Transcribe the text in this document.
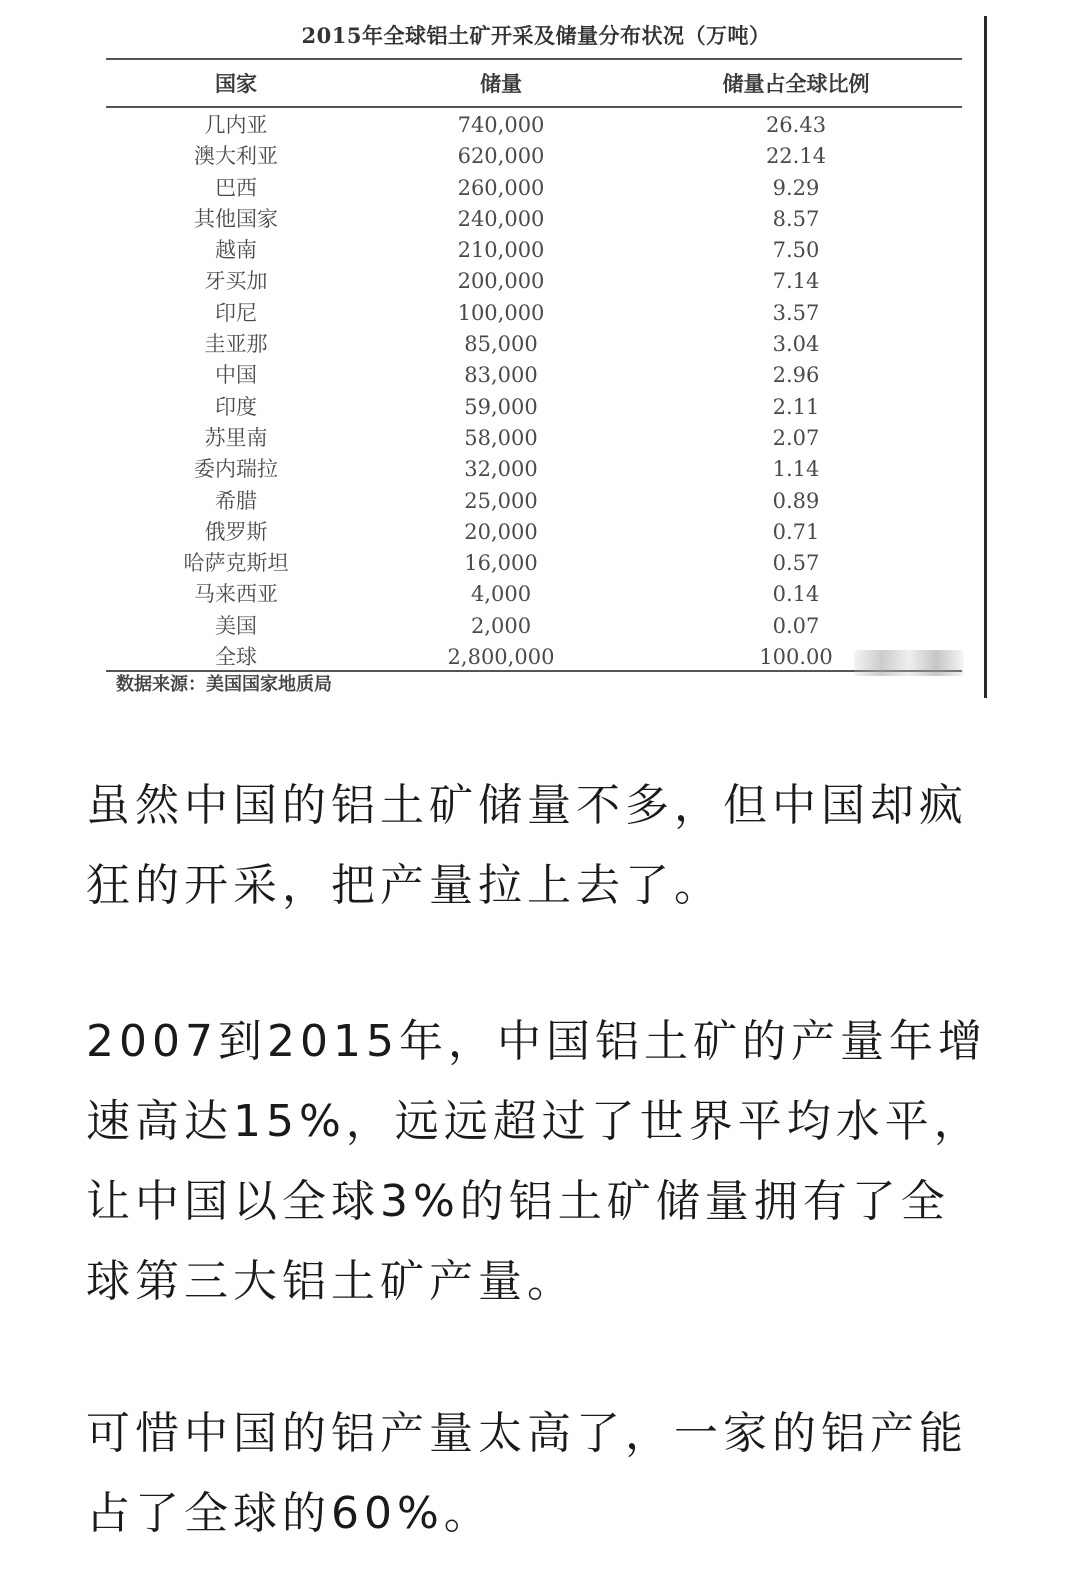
2015年全球铝土矿开采及储量分布状况（万吨）
国家	储量	储量占全球比例
几内亚	740,000	26.43
澳大利亚	620,000	22.14
巴西	260,000	9.29
其他国家	240,000	8.57
越南	210,000	7.50
牙买加	200,000	7.14
印尼	100,000	3.57
圭亚那	85,000	3.04
中国	83,000	2.96
印度	59,000	2.11
苏里南	58,000	2.07
委内瑞拉	32,000	1.14
希腊	25,000	0.89
俄罗斯	20,000	0.71
哈萨克斯坦	16,000	0.57
马来西亚	4,000	0.14
美国	2,000	0.07
全球	2,800,000	100.00
数据来源：美国国家地质局

虽然中国的铝土矿储量不多，但中国却疯狂的开采，把产量拉上去了。

2007到2015年，中国铝土矿的产量年增速高达15%，远远超过了世界平均水平，让中国以全球3%的铝土矿储量拥有了全球第三大铝土矿产量。

可惜中国的铝产量太高了，一家的铝产能占了全球的60%。
